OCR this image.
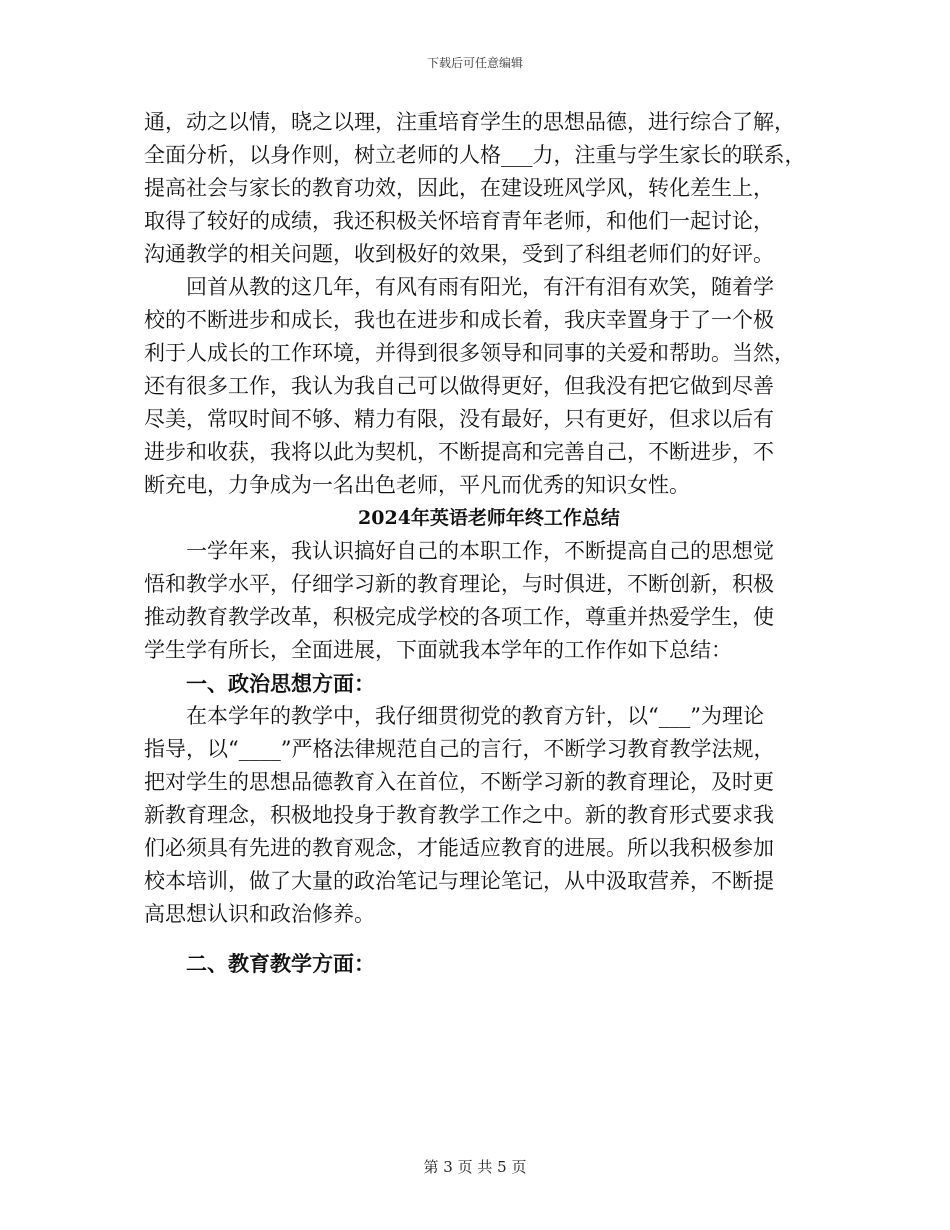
下载后可任意编辑
通，动之以情，晓之以理，注重培育学生的思想品德，进行综合了解，
全面分析，以身作则，树立老师的人格___力，注重与学生家长的联系，
提高社会与家长的教育功效，因此，在建设班风学风，转化差生上，
取得了较好的成绩，我还积极关怀培育青年老师，和他们一起讨论，
沟通教学的相关问题，收到极好的效果，受到了科组老师们的好评。
回首从教的这几年，有风有雨有阳光，有汗有泪有欢笑，随着学
校的不断进步和成长，我也在进步和成长着，我庆幸置身于了一个极
利于人成长的工作环境，并得到很多领导和同事的关爱和帮助。当然，
还有很多工作，我认为我自己可以做得更好，但我没有把它做到尽善
尽美，常叹时间不够、精力有限，没有最好，只有更好，但求以后有
进步和收获，我将以此为契机，不断提高和完善自己，不断进步，不
断充电，力争成为一名出色老师，平凡而优秀的知识女性。
2024年英语老师年终工作总结
一学年来，我认识搞好自己的本职工作，不断提高自己的思想觉
悟和教学水平，仔细学习新的教育理论，与时俱进，不断创新，积极
推动教育教学改革，积极完成学校的各项工作，尊重并热爱学生，使
学生学有所长，全面进展，下面就我本学年的工作作如下总结：
一、政治思想方面：
在本学年的教学中，我仔细贯彻党的教育方针，以“___”为理论
指导，以“____”严格法律规范自己的言行，不断学习教育教学法规，
把对学生的思想品德教育入在首位，不断学习新的教育理论，及时更
新教育理念，积极地投身于教育教学工作之中。新的教育形式要求我
们必须具有先进的教育观念，才能适应教育的进展。所以我积极参加
校本培训，做了大量的政治笔记与理论笔记，从中汲取营养，不断提
高思想认识和政治修养。
二、教育教学方面：
第 3 页 共 5 页
